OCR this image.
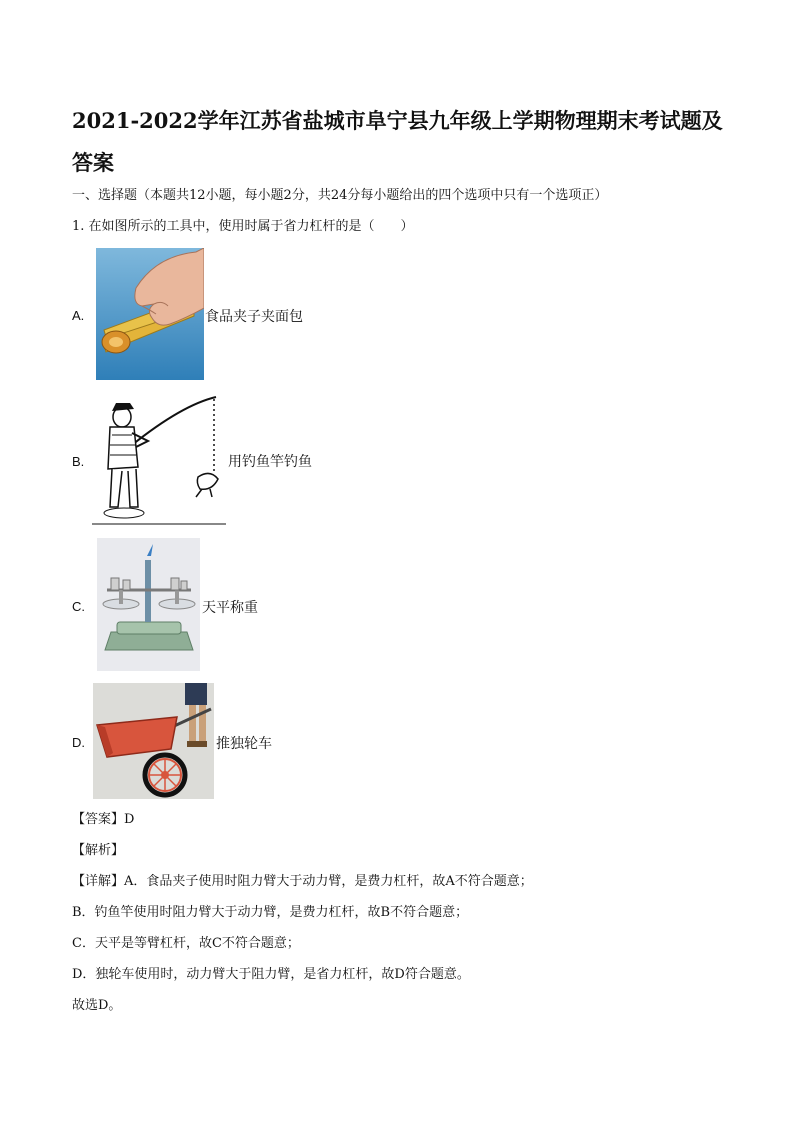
2021-2022学年江苏省盐城市阜宁县九年级上学期物理期末考试题及答案
一、选择题（本题共12小题，每小题2分，共24分每小题给出的四个选项中只有一个选项正）
1. 在如图所示的工具中，使用时属于省力杠杆的是（　　）
A.	食品夹子夹面包
B.	用钓鱼竿钓鱼
C.	天平称重
D.	推独轮车
【答案】D
【解析】
【详解】A．食品夹子使用时阻力臂大于动力臂，是费力杠杆，故A不符合题意；
B．钓鱼竿使用时阻力臂大于动力臂，是费力杠杆，故B不符合题意；
C．天平是等臂杠杆，故C不符合题意；
D．独轮车使用时，动力臂大于阻力臂，是省力杠杆，故D符合题意。
故选D。
